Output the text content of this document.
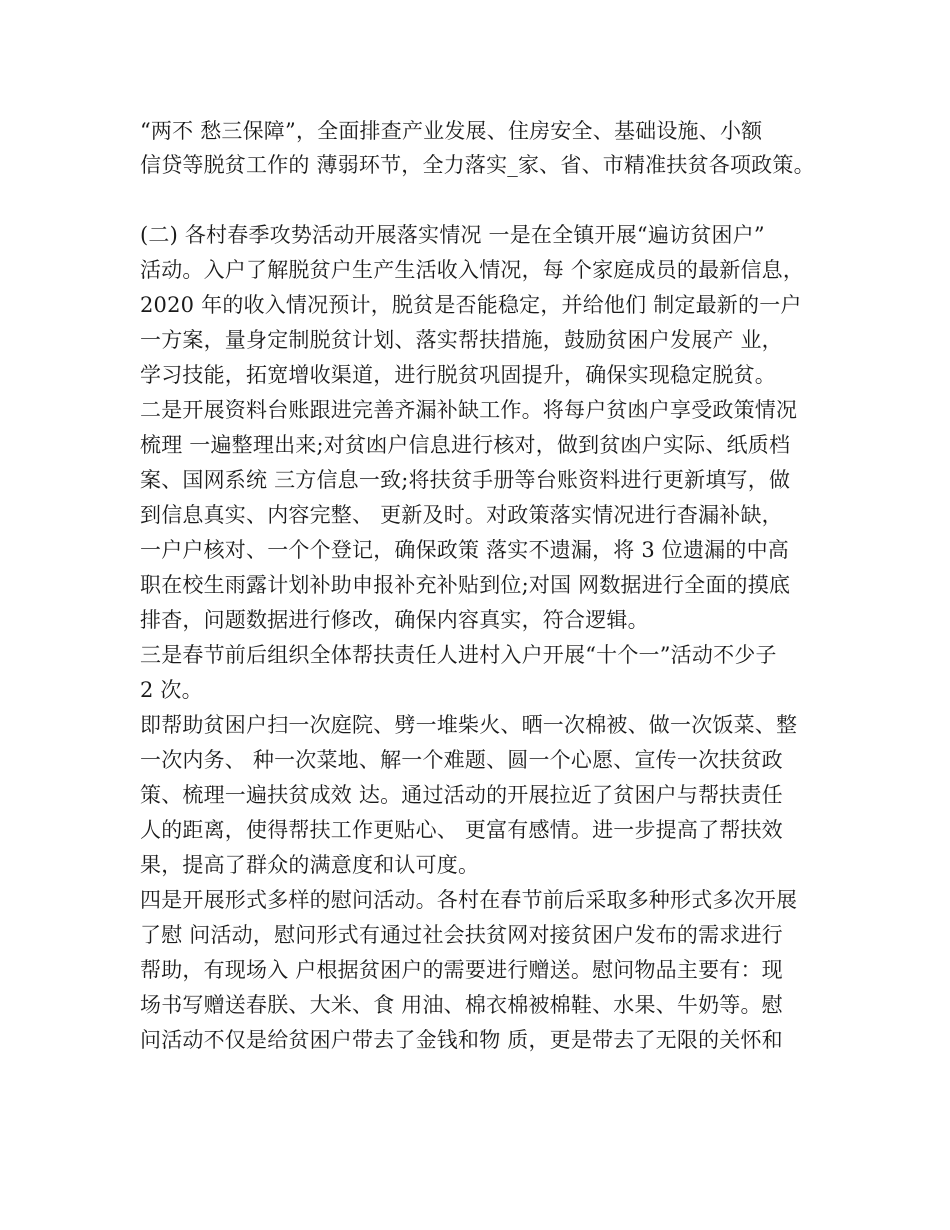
“两不 愁三保障”，全面排查产业发展、住房安全、基础设施、小额
信贷等脱贫工作的 薄弱环节，全力落实_家、省、市精准扶贫各项政策。
(二) 各村春季攻势活动开展落实情况 一是在全镇开展“遍访贫困户”
活动。入户了解脱贫户生产生活收入情况，每 个家庭成员的最新信息，
2020 年的收入情况预计，脱贫是否能稳定，并给他们 制定最新的一户
一方案，量身定制脱贫计划、落实帮扶措施，鼓励贫困户发展产 业，
学习技能，拓宽增收渠道，进行脱贫巩固提升，确保实现稳定脱贫。
二是开展资料台账跟进完善齐漏补缺工作。将每户贫凼户享受政策情况
梳理 一遍整理出来;对贫凼户信息进行核对，做到贫凼户实际、纸质档
案、国网系统 三方信息一致;将扶贫手册等台账资料进行更新填写，做
到信息真实、内容完整、 更新及时。对政策落实情况进行杳漏补缺，
一户户核对、一个个登记，确保政策 落实不遗漏，将 3 位遗漏的中高
职在校生雨露计划补助申报补充补贴到位;对国 网数据进行全面的摸底
排杳，问题数据进行修改，确保内容真实，符合逻辑。
三是春节前后组织全体帮扶责任人进村入户开展“十个一”活动不少子
2 次。
即帮助贫困户扫一次庭院、劈一堆柴火、晒一次棉被、做一次饭菜、整
一次内务、 种一次菜地、解一个难题、圆一个心愿、宣传一次扶贫政
策、梳理一遍扶贫成效 达。通过活动的开展拉近了贫困户与帮扶责任
人的距离，使得帮扶工作更贴心、 更富有感情。进一步提高了帮扶效
果，提高了群众的满意度和认可度。
四是开展形式多样的慰问活动。各村在春节前后采取多种形式多次开展
了慰 问活动，慰问形式有通过社会扶贫网对接贫困户发布的需求进行
帮助，有现场入 户根据贫困户的需要进行赠送。慰问物品主要有：现
场书写赠送春朕、大米、食 用油、棉衣棉被棉鞋、水果、牛奶等。慰
问活动不仅是给贫困户带去了金钱和物 质，更是带去了无限的关怀和
